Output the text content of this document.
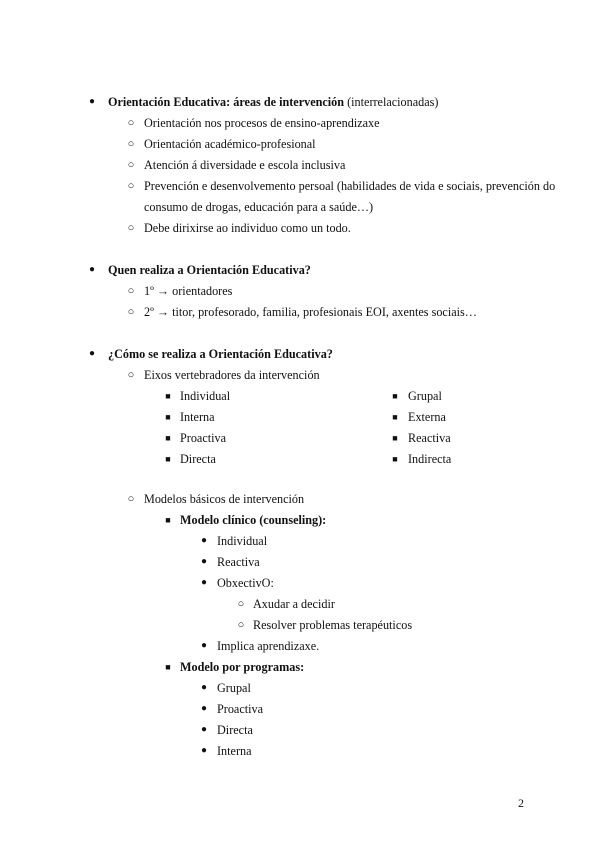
● Orientación Educativa: áreas de intervención (interrelacionadas)
○ Orientación nos procesos de ensino-aprendizaxe
○ Orientación académico-profesional
○ Atención á diversidade e escola inclusiva
○ Prevención e desenvolvemento persoal (habilidades de vida e sociais, prevención do
consumo de drogas, educación para a saúde…)
○ Debe dirixirse ao individuo como un todo.
● Quen realiza a Orientación Educativa?
○ 1º → orientadores
○ 2º → titor, profesorado, familia, profesionais EOI, axentes sociais…
● ¿Cómo se realiza a Orientación Educativa?
○ Eixos vertebradores da intervención
■ Individual
■ Interna
■ Proactiva
■ Directa
■ Grupal
■ Externa
■ Reactiva
■ Indirecta
○ Modelos básicos de intervención
■ Modelo clínico (counseling):
● Individual
● Reactiva
● ObxectivO:
○ Axudar a decidir
○ Resolver problemas terapéuticos
● Implica aprendizaxe.
■ Modelo por programas:
● Grupal
● Proactiva
● Directa
● Interna
2
